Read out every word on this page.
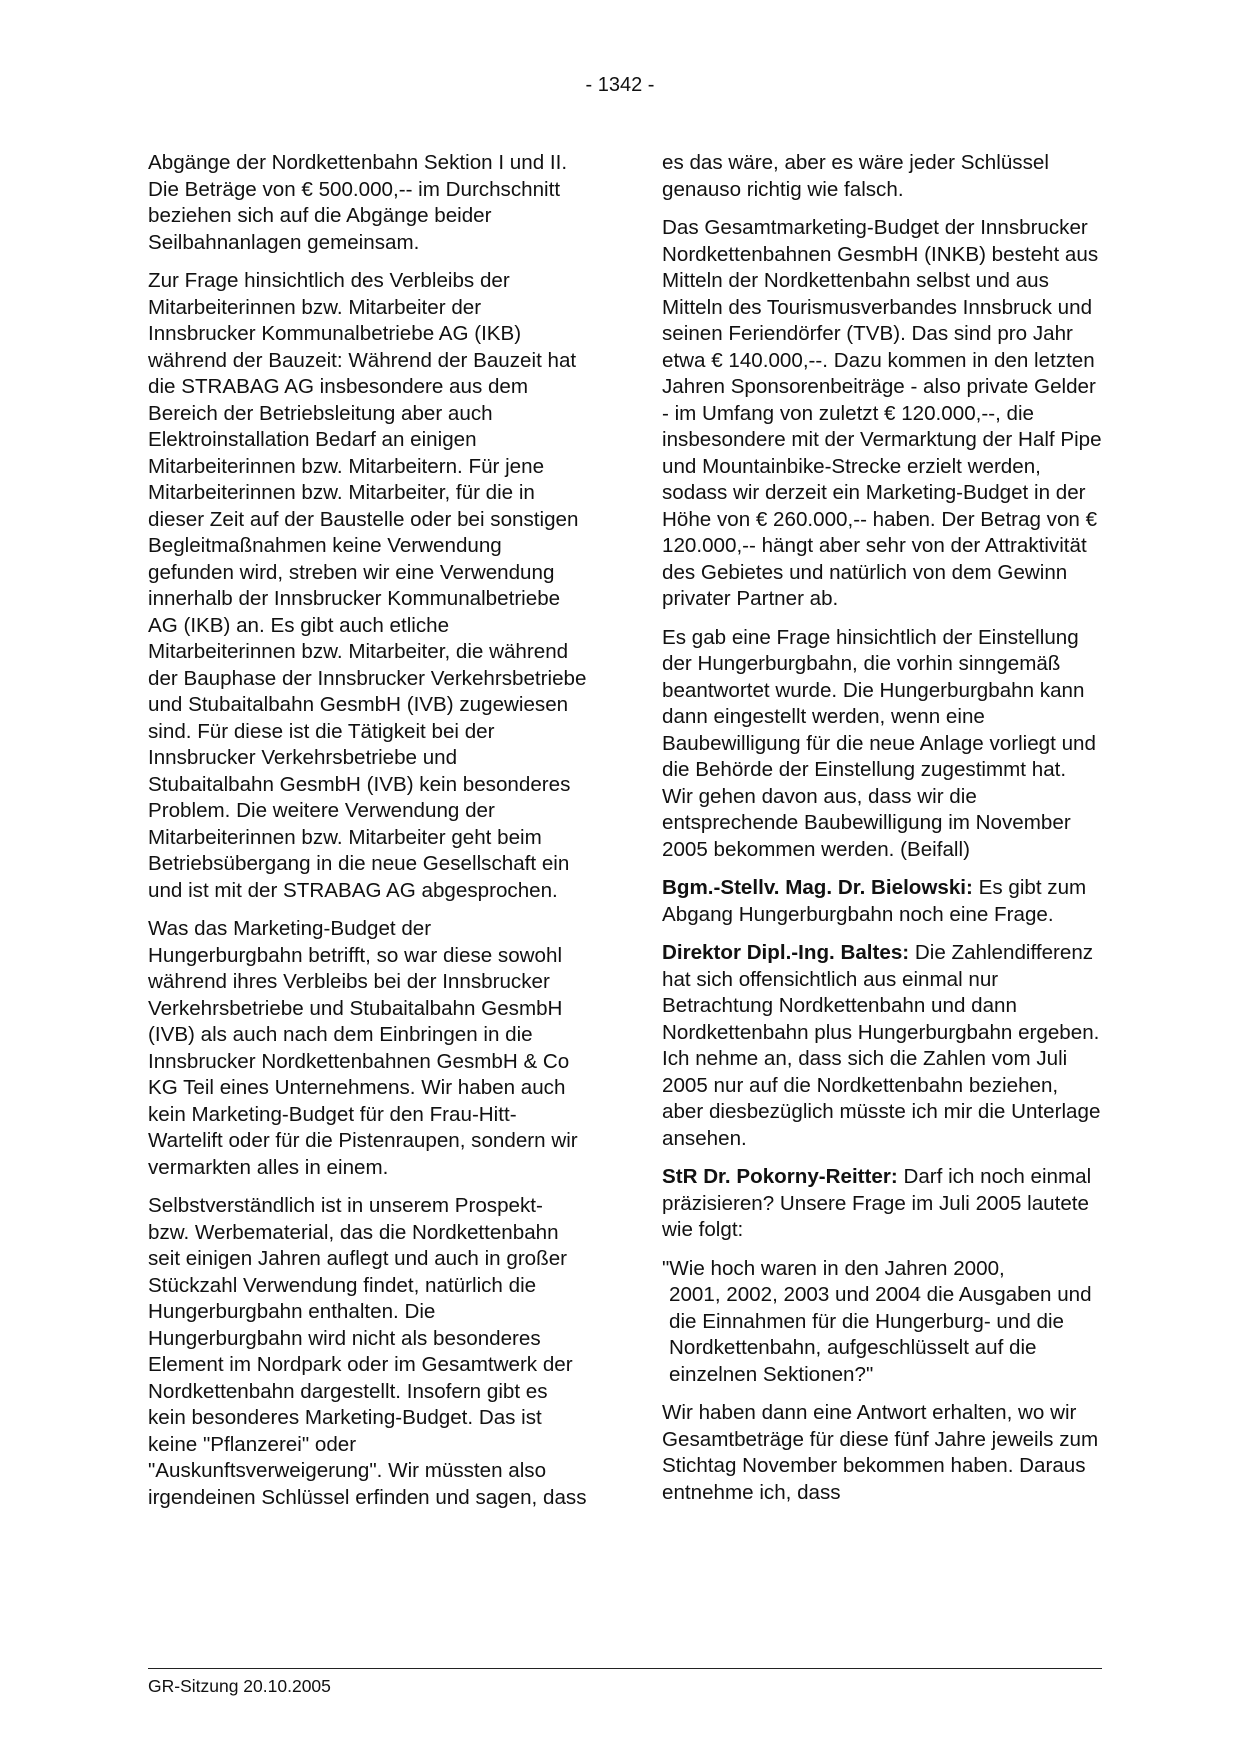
- 1342 -

Abgänge der Nordkettenbahn Sektion I und II. Die Beträge von € 500.000,-- im Durchschnitt beziehen sich auf die Abgänge beider Seilbahnanlagen gemeinsam.

Zur Frage hinsichtlich des Verbleibs der Mitarbeiterinnen bzw. Mitarbeiter der Innsbrucker Kommunalbetriebe AG (IKB) während der Bauzeit: Während der Bauzeit hat die STRABAG AG insbesondere aus dem Bereich der Betriebsleitung aber auch Elektroinstallation Bedarf an einigen Mitarbeiterinnen bzw. Mitarbeitern. Für jene Mitarbeiterinnen bzw. Mitarbeiter, für die in dieser Zeit auf der Baustelle oder bei sonstigen Begleitmaßnahmen keine Verwendung gefunden wird, streben wir eine Verwendung innerhalb der Innsbrucker Kommunalbetriebe AG (IKB) an. Es gibt auch etliche Mitarbeiterinnen bzw. Mitarbeiter, die während der Bauphase der Innsbrucker Verkehrsbetriebe und Stubaitalbahn GesmbH (IVB) zugewiesen sind. Für diese ist die Tätigkeit bei der Innsbrucker Verkehrsbetriebe und Stubaitalbahn GesmbH (IVB) kein besonderes Problem. Die weitere Verwendung der Mitarbeiterinnen bzw. Mitarbeiter geht beim Betriebsübergang in die neue Gesellschaft ein und ist mit der STRABAG AG abgesprochen.

Was das Marketing-Budget der Hungerburgbahn betrifft, so war diese sowohl während ihres Verbleibs bei der Innsbrucker Verkehrsbetriebe und Stubaitalbahn GesmbH (IVB) als auch nach dem Einbringen in die Innsbrucker Nordkettenbahnen GesmbH & Co KG Teil eines Unternehmens. Wir haben auch kein Marketing-Budget für den Frau-Hitt-Wartelift oder für die Pistenraupen, sondern wir vermarkten alles in einem.

Selbstverständlich ist in unserem Prospekt- bzw. Werbematerial, das die Nordkettenbahn seit einigen Jahren auflegt und auch in großer Stückzahl Verwendung findet, natürlich die Hungerburgbahn enthalten. Die Hungerburgbahn wird nicht als besonderes Element im Nordpark oder im Gesamtwerk der Nordkettenbahn dargestellt. Insofern gibt es kein besonderes Marketing-Budget. Das ist keine "Pflanzerei" oder "Auskunftsverweigerung". Wir müssten also irgendeinen Schlüssel erfinden und sagen, dass

es das wäre, aber es wäre jeder Schlüssel genauso richtig wie falsch.

Das Gesamtmarketing-Budget der Innsbrucker Nordkettenbahnen GesmbH (INKB) besteht aus Mitteln der Nordkettenbahn selbst und aus Mitteln des Tourismusverbandes Innsbruck und seinen Feriendörfer (TVB). Das sind pro Jahr etwa € 140.000,--. Dazu kommen in den letzten Jahren Sponsorenbeiträge - also private Gelder - im Umfang von zuletzt € 120.000,--, die insbesondere mit der Vermarktung der Half Pipe und Mountainbike-Strecke erzielt werden, sodass wir derzeit ein Marketing-Budget in der Höhe von € 260.000,-- haben. Der Betrag von € 120.000,-- hängt aber sehr von der Attraktivität des Gebietes und natürlich von dem Gewinn privater Partner ab.

Es gab eine Frage hinsichtlich der Einstellung der Hungerburgbahn, die vorhin sinngemäß beantwortet wurde. Die Hungerburgbahn kann dann eingestellt werden, wenn eine Baubewilligung für die neue Anlage vorliegt und die Behörde der Einstellung zugestimmt hat. Wir gehen davon aus, dass wir die entsprechende Baubewilligung im November 2005 bekommen werden. (Beifall)

Bgm.-Stellv. Mag. Dr. Bielowski: Es gibt zum Abgang Hungerburgbahn noch eine Frage.

Direktor Dipl.-Ing. Baltes: Die Zahlendifferenz hat sich offensichtlich aus einmal nur Betrachtung Nordkettenbahn und dann Nordkettenbahn plus Hungerburgbahn ergeben. Ich nehme an, dass sich die Zahlen vom Juli 2005 nur auf die Nordkettenbahn beziehen, aber diesbezüglich müsste ich mir die Unterlage ansehen.

StR Dr. Pokorny-Reitter: Darf ich noch einmal präzisieren? Unsere Frage im Juli 2005 lautete wie folgt:

"Wie hoch waren in den Jahren 2000,
2001, 2002, 2003 und 2004 die Ausgaben und die Einnahmen für die Hungerburg- und die Nordkettenbahn, aufgeschlüsselt auf die einzelnen Sektionen?"

Wir haben dann eine Antwort erhalten, wo wir Gesamtbeträge für diese fünf Jahre jeweils zum Stichtag November bekommen haben. Daraus entnehme ich, dass

GR-Sitzung 20.10.2005
